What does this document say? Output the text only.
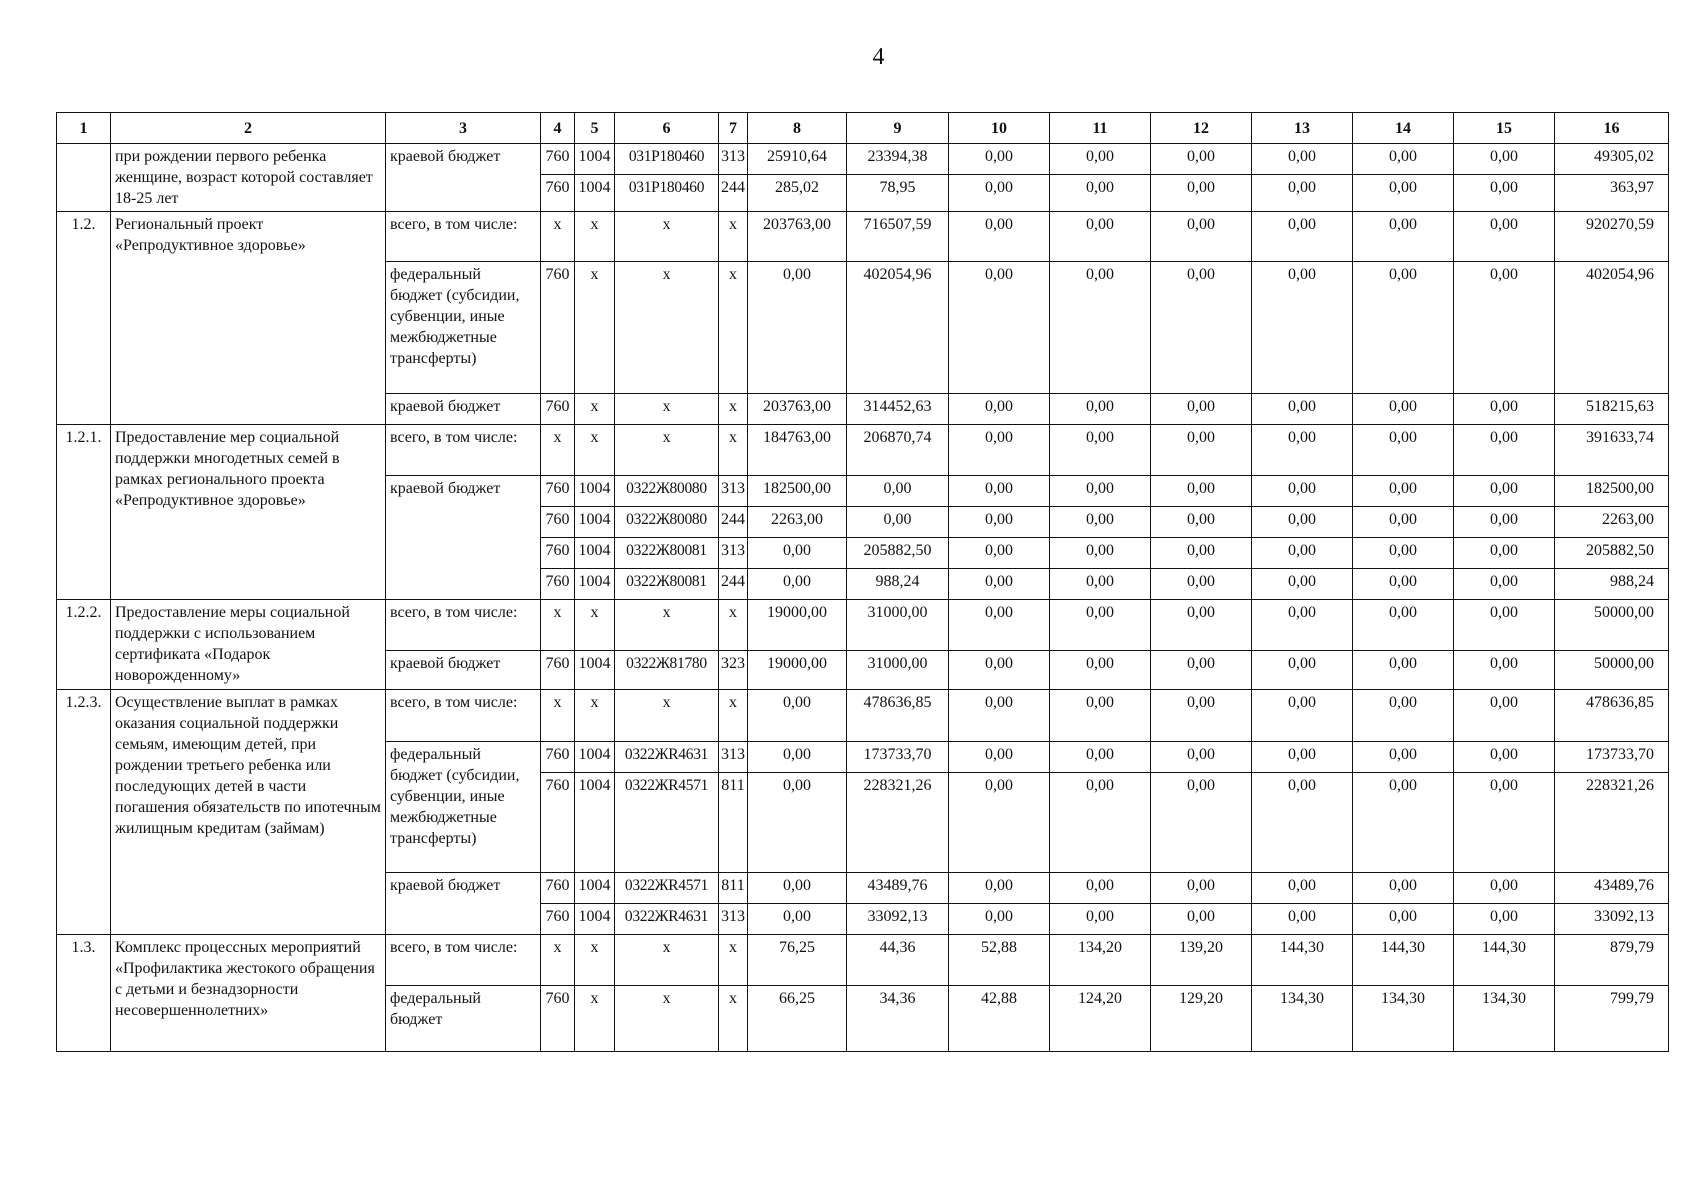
4
1	2	3	4	5	6	7	8	9	10	11	12	13	14	15	16
	при рождении первого ребенка женщине, возраст которой составляет 18-25 лет	краевой бюджет	760	1004	031P180460	313	25910,64	23394,38	0,00	0,00	0,00	0,00	0,00	0,00	49305,02
			760	1004	031P180460	244	285,02	78,95	0,00	0,00	0,00	0,00	0,00	0,00	363,97
1.2.	Региональный проект «Репродуктивное здоровье»	всего, в том числе:	х	х	х	х	203763,00	716507,59	0,00	0,00	0,00	0,00	0,00	0,00	920270,59
		федеральный бюджет (субсидии, субвенции, иные межбюджетные трансферты)	760	х	х	х	0,00	402054,96	0,00	0,00	0,00	0,00	0,00	0,00	402054,96
		краевой бюджет	760	х	х	х	203763,00	314452,63	0,00	0,00	0,00	0,00	0,00	0,00	518215,63
1.2.1.	Предоставление мер социальной поддержки многодетных семей в рамках регионального проекта «Репродуктивное здоровье»	всего, в том числе:	х	х	х	х	184763,00	206870,74	0,00	0,00	0,00	0,00	0,00	0,00	391633,74
		краевой бюджет	760	1004	0322Ж80080	313	182500,00	0,00	0,00	0,00	0,00	0,00	0,00	0,00	182500,00
			760	1004	0322Ж80080	244	2263,00	0,00	0,00	0,00	0,00	0,00	0,00	0,00	2263,00
			760	1004	0322Ж80081	313	0,00	205882,50	0,00	0,00	0,00	0,00	0,00	0,00	205882,50
			760	1004	0322Ж80081	244	0,00	988,24	0,00	0,00	0,00	0,00	0,00	0,00	988,24
1.2.2.	Предоставление меры социальной поддержки с использованием сертификата «Подарок новорожденному»	всего, в том числе:	х	х	х	х	19000,00	31000,00	0,00	0,00	0,00	0,00	0,00	0,00	50000,00
		краевой бюджет	760	1004	0322Ж81780	323	19000,00	31000,00	0,00	0,00	0,00	0,00	0,00	0,00	50000,00
1.2.3.	Осуществление выплат в рамках оказания социальной поддержки семьям, имеющим детей, при рождении третьего ребенка или последующих детей в части погашения обязательств по ипотечным жилищным кредитам (займам)	всего, в том числе:	х	х	х	х	0,00	478636,85	0,00	0,00	0,00	0,00	0,00	0,00	478636,85
		федеральный бюджет (субсидии, субвенции, иные межбюджетные трансферты)	760	1004	0322ЖR4631	313	0,00	173733,70	0,00	0,00	0,00	0,00	0,00	0,00	173733,70
			760	1004	0322ЖR4571	811	0,00	228321,26	0,00	0,00	0,00	0,00	0,00	0,00	228321,26
		краевой бюджет	760	1004	0322ЖR4571	811	0,00	43489,76	0,00	0,00	0,00	0,00	0,00	0,00	43489,76
			760	1004	0322ЖR4631	313	0,00	33092,13	0,00	0,00	0,00	0,00	0,00	0,00	33092,13
1.3.	Комплекс процессных мероприятий «Профилактика жестокого обращения с детьми и безнадзорности несовершеннолетних»	всего, в том числе:	х	х	х	х	76,25	44,36	52,88	134,20	139,20	144,30	144,30	144,30	879,79
		федеральный бюджет	760	х	х	х	66,25	34,36	42,88	124,20	129,20	134,30	134,30	134,30	799,79
